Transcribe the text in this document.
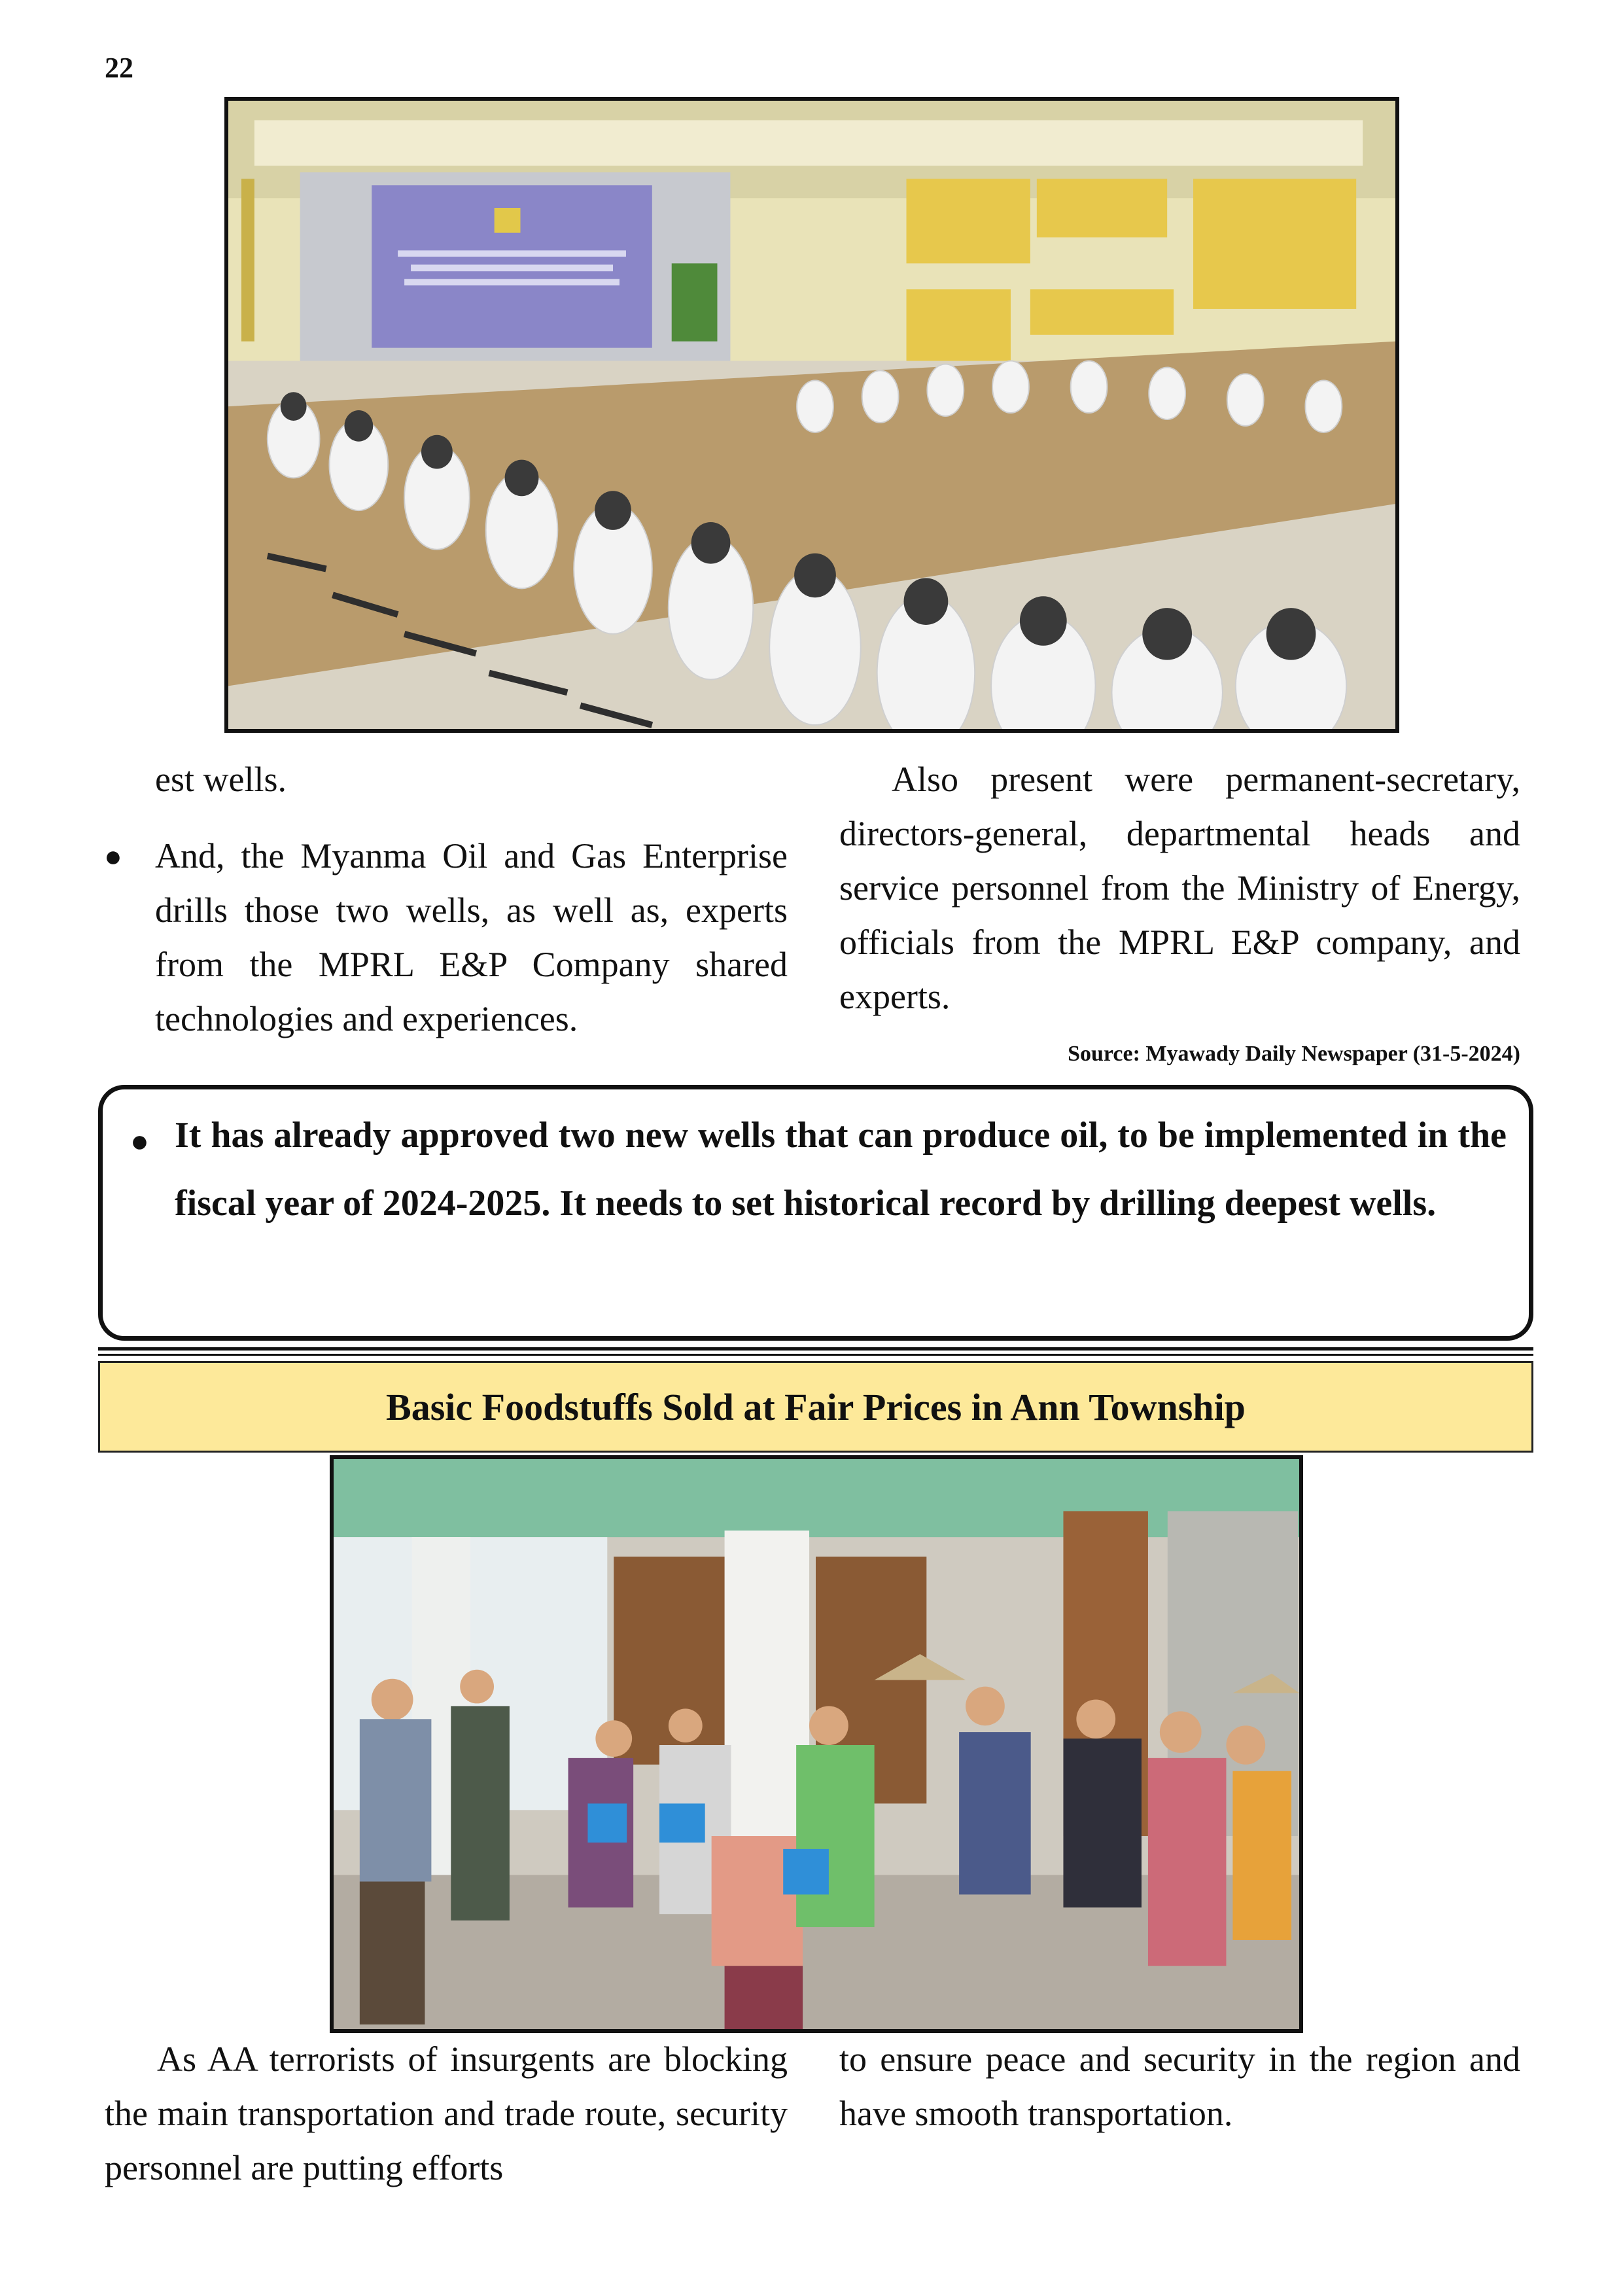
22

est wells.

● And, the Myanma Oil and Gas Enterprise drills those two wells, as well as, experts from the MPRL E&P Company shared technologies and experiences.

Also present were permanent-secretary, directors-general, departmental heads and service personnel from the Ministry of Energy, officials from the MPRL E&P company, and experts.

Source: Myawady Daily Newspaper (31-5-2024)
● It has already approved two new wells that can produce oil, to be implemented in the fiscal year of 2024-2025. It needs to set historical record by drilling deepest wells.
Basic Foodstuffs Sold at Fair Prices in Ann Township

As AA terrorists of insurgents are blocking the main transportation and trade route, security personnel are putting efforts

to ensure peace and security in the region and have smooth transportation.
